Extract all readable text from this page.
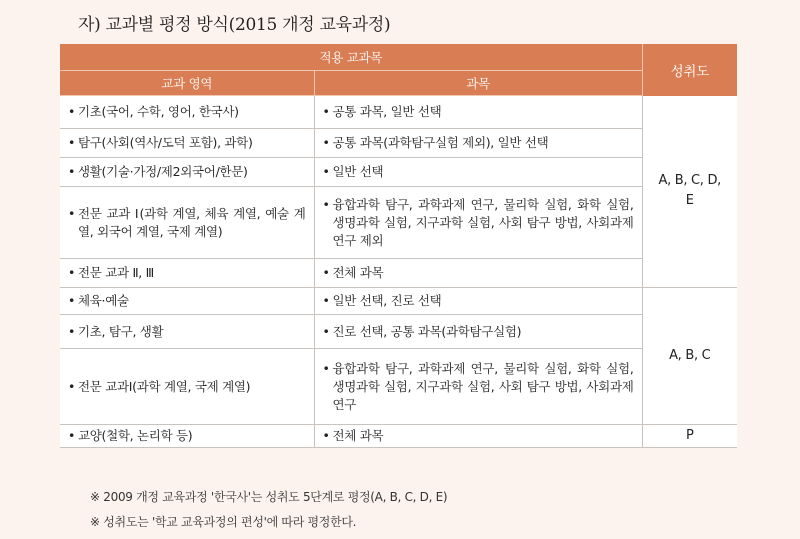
자) 교과별 평정 방식(2015 개정 교육과정)
적용 교과목		성취도
교과 영역	과목	

• 기초(국어, 수학, 영어, 한국사)	• 공통 과목, 일반 선택	A, B, C, D, E

• 탐구(사회(역사/도덕 포함), 과학)	• 공통 과목(과학탐구실험 제외), 일반 선택	

• 생활(기술·가정/제2외국어/한문)	• 일반 선택	

• 전문 교과 Ⅰ(과학 계열, 체육 계열, 예술 계열, 외국어 계열, 국제 계열)	• 융합과학 탐구, 과학과제 연구, 물리학 실험, 화학 실험, 생명과학 실험, 지구과학 실험, 사회 탐구 방법, 사회과제 연구 제외	

• 전문 교과 Ⅱ, Ⅲ	• 전체 과목	

• 체육·예술	• 일반 선택, 진로 선택	A, B, C

• 기초, 탐구, 생활	• 진로 선택, 공통 과목(과학탐구실험)	

• 전문 교과Ⅰ(과학 계열, 국제 계열)	• 융합과학 탐구, 과학과제 연구, 물리학 실험, 화학 실험, 생명과학 실험, 지구과학 실험, 사회 탐구 방법, 사회과제 연구	

• 교양(철학, 논리학 등)	• 전체 과목	P
※ 2009 개정 교육과정 '한국사'는 성취도 5단계로 평정(A, B, C, D, E)
※ 성취도는 '학교 교육과정의 편성'에 따라 평정한다.
